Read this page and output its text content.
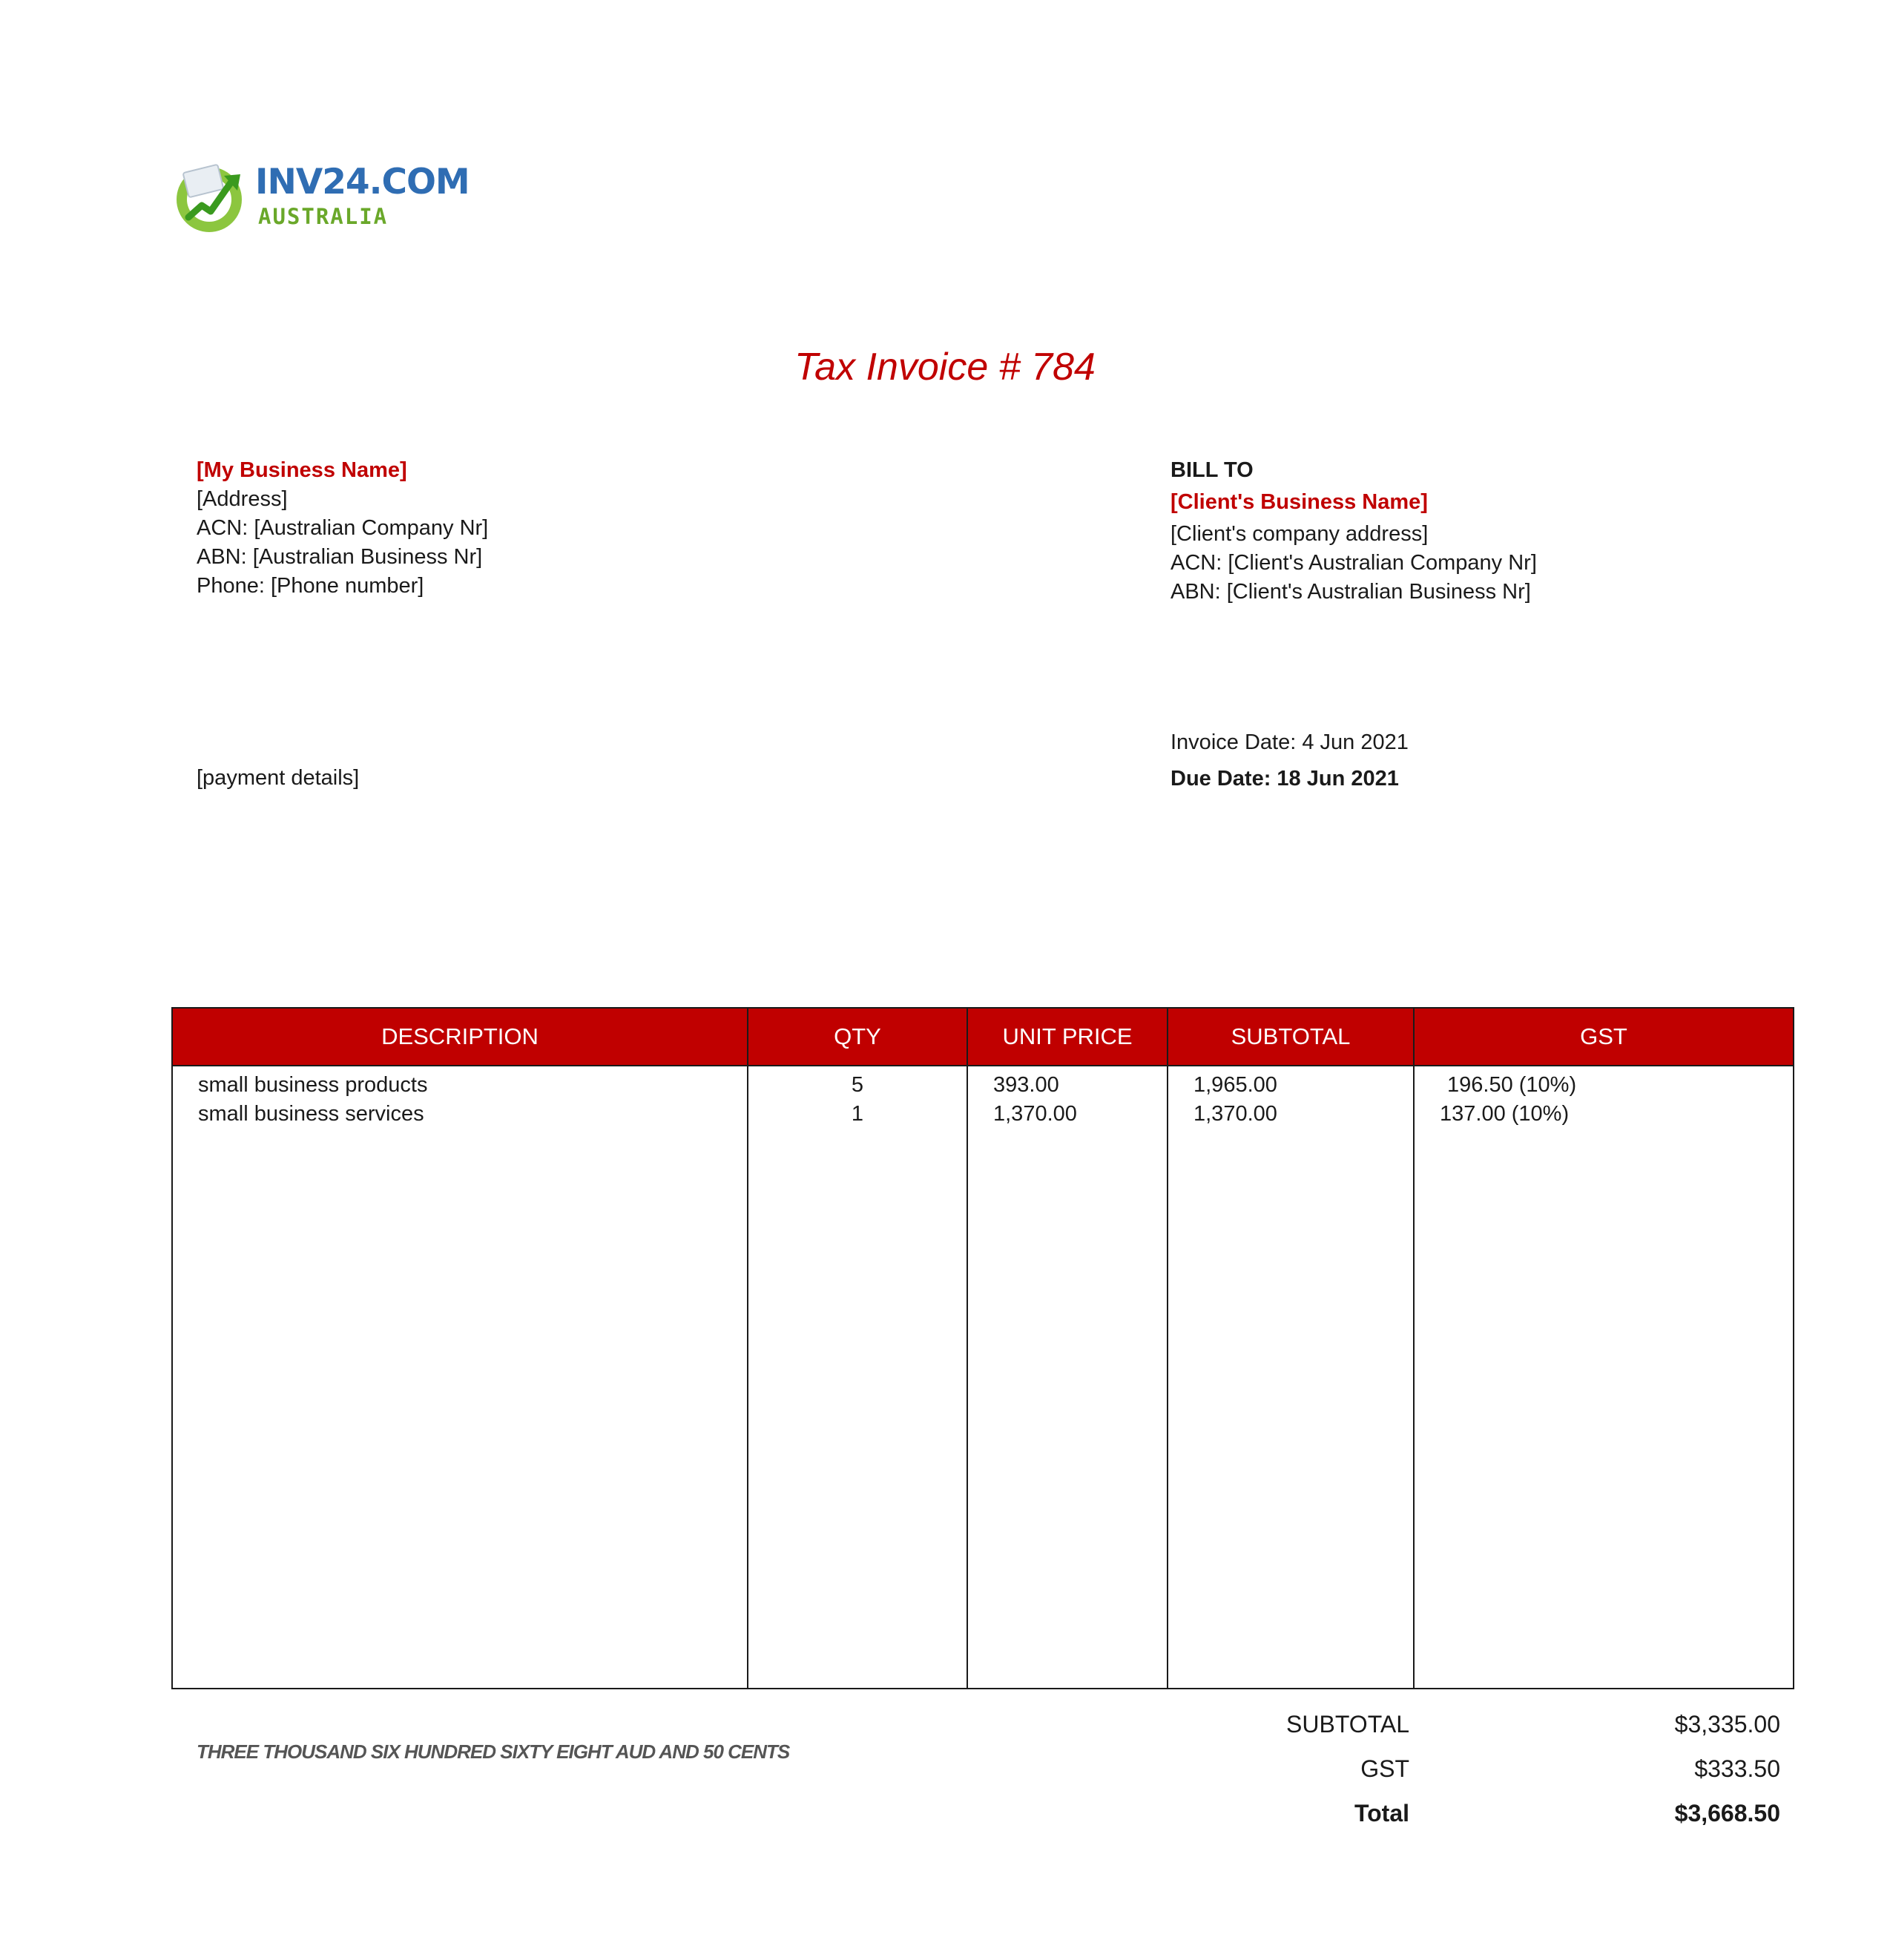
INV24.COM
AUSTRALIA
Tax Invoice # 784
[My Business Name]
[Address]
ACN: [Australian Company Nr]
ABN: [Australian Business Nr]
Phone: [Phone number]
BILL TO
[Client's Business Name]
[Client's company address]
ACN: [Client's Australian Company Nr]
ABN: [Client's Australian Business Nr]
[payment details]
Invoice Date: 4 Jun 2021
Due Date: 18 Jun 2021
DESCRIPTION	QTY	UNIT PRICE	SUBTOTAL	GST
small business products	5	393.00	1,965.00	196.50 (10%)
small business services	1	1,370.00	1,370.00	137.00 (10%)
THREE THOUSAND SIX HUNDRED SIXTY EIGHT AUD AND 50 CENTS
SUBTOTAL	$3,335.00
GST	$333.50
Total	$3,668.50
